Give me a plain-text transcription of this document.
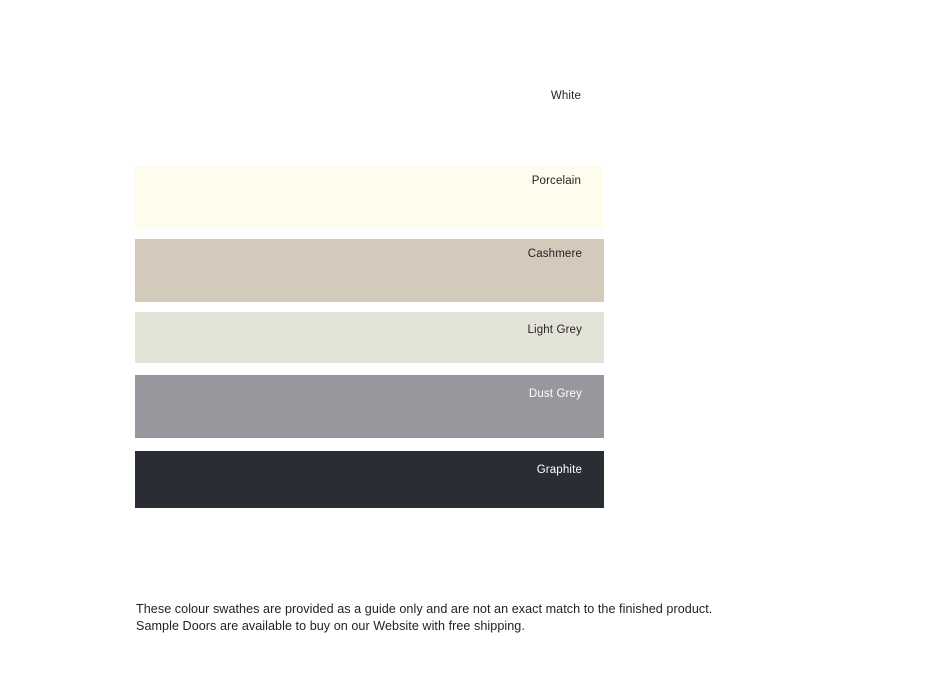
White
Porcelain
Cashmere
Light Grey
Dust Grey
Graphite
These colour swathes are provided as a guide only and are not an exact match to the finished product. Sample Doors are available to buy on our Website with free shipping.
